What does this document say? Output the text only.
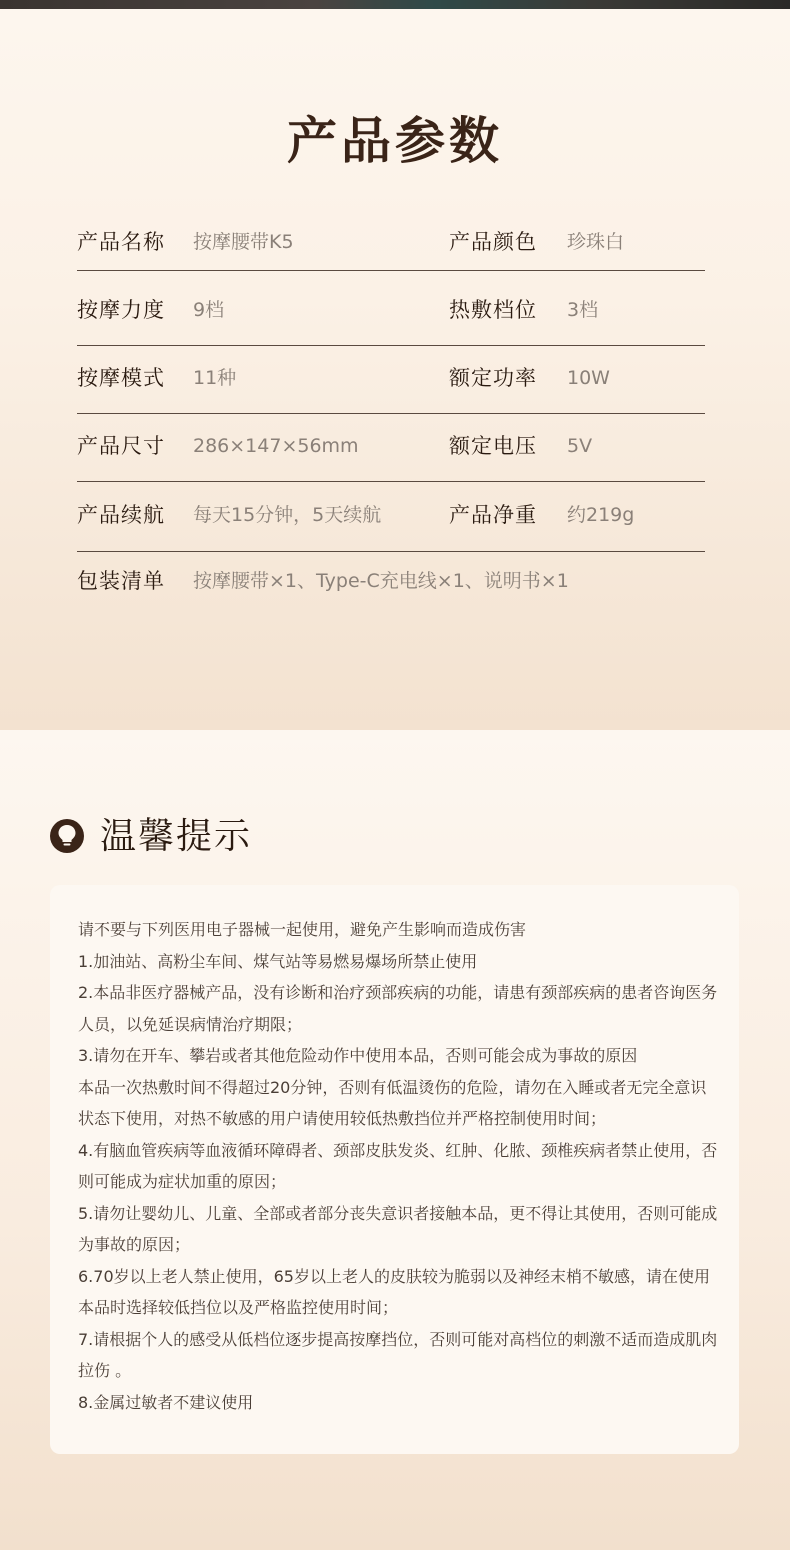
产品参数
产品名称 按摩腰带K5	产品颜色 珍珠白
按摩力度 9档	热敷档位 3档
按摩模式 11种	额定功率 10W
产品尺寸 286×147×56mm	额定电压 5V
产品续航 每天15分钟，5天续航	产品净重 约219g
包装清单 按摩腰带×1、Type-C充电线×1、说明书×1
温馨提示
请不要与下列医用电子器械一起使用，避免产生影响而造成伤害
1.加油站、高粉尘车间、煤气站等易燃易爆场所禁止使用
2.本品非医疗器械产品，没有诊断和治疗颈部疾病的功能，请患有颈部疾病的患者咨询医务人员，以免延误病情治疗期限；
3.请勿在开车、攀岩或者其他危险动作中使用本品，否则可能会成为事故的原因
本品一次热敷时间不得超过20分钟，否则有低温烫伤的危险，请勿在入睡或者无完全意识状态下使用，对热不敏感的用户请使用较低热敷挡位并严格控制使用时间；
4.有脑血管疾病等血液循环障碍者、颈部皮肤发炎、红肿、化脓、颈椎疾病者禁止使用，否则可能成为症状加重的原因；
5.请勿让婴幼儿、儿童、全部或者部分丧失意识者接触本品，更不得让其使用，否则可能成为事故的原因；
6.70岁以上老人禁止使用，65岁以上老人的皮肤较为脆弱以及神经末梢不敏感，请在使用本品时选择较低挡位以及严格监控使用时间；
7.请根据个人的感受从低档位逐步提高按摩挡位，否则可能对高档位的刺激不适而造成肌肉拉伤 。
8.金属过敏者不建议使用
